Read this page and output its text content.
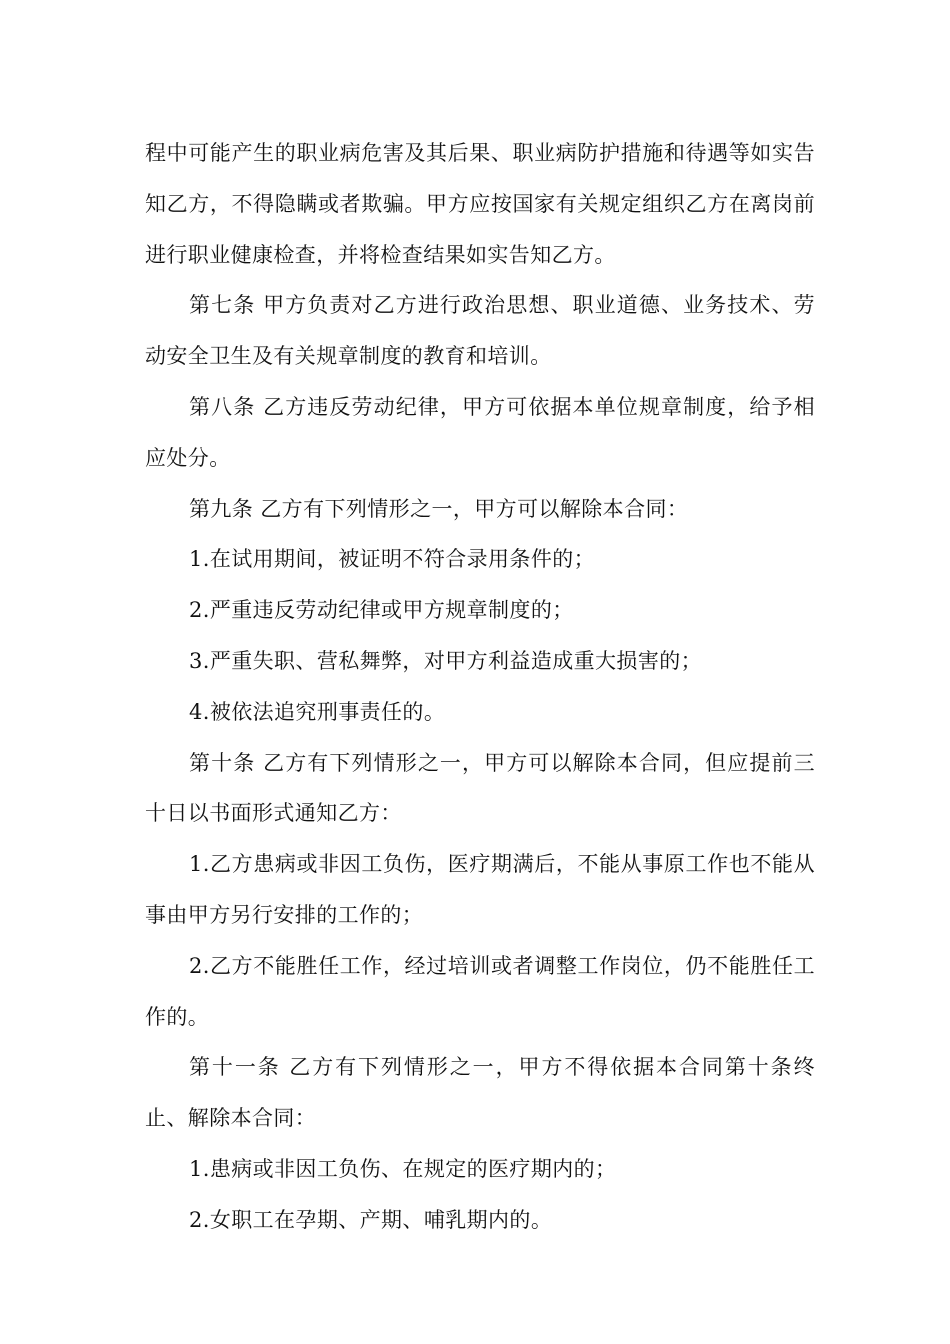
程中可能产生的职业病危害及其后果、职业病防护措施和待遇等如实告知乙方，不得隐瞒或者欺骗。甲方应按国家有关规定组织乙方在离岗前进行职业健康检查，并将检查结果如实告知乙方。

第七条 甲方负责对乙方进行政治思想、职业道德、业务技术、劳动安全卫生及有关规章制度的教育和培训。

第八条 乙方违反劳动纪律，甲方可依据本单位规章制度，给予相应处分。

第九条 乙方有下列情形之一，甲方可以解除本合同：

1.在试用期间，被证明不符合录用条件的；

2.严重违反劳动纪律或甲方规章制度的；

3.严重失职、营私舞弊，对甲方利益造成重大损害的；

4.被依法追究刑事责任的。

第十条 乙方有下列情形之一，甲方可以解除本合同，但应提前三十日以书面形式通知乙方：

1.乙方患病或非因工负伤，医疗期满后，不能从事原工作也不能从事由甲方另行安排的工作的；

2.乙方不能胜任工作，经过培训或者调整工作岗位，仍不能胜任工作的。

第十一条 乙方有下列情形之一，甲方不得依据本合同第十条终止、解除本合同：

1.患病或非因工负伤、在规定的医疗期内的；

2.女职工在孕期、产期、哺乳期内的。
